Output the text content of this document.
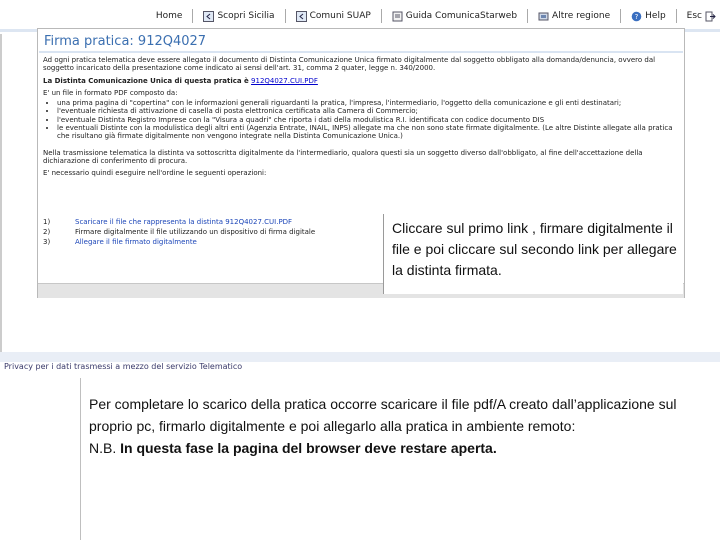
Home	Scopri Sicilia	Comuni SUAP	Guida ComunicaStarweb	Altre regione	? Help Esc
Firma pratica: 912Q4027

Ad ogni pratica telematica deve essere allegato il documento di Distinta Comunicazione Unica firmato digitalmente dal soggetto obbligato alla domanda/denuncia, ovvero dal soggetto incaricato della presentazione come indicato ai sensi dell'art. 31, comma 2 quater, legge n. 340/2000.

La Distinta Comunicazione Unica di questa pratica è 912Q4027.CUI.PDF

E' un file in formato PDF composto da:

• una prima pagina di "copertina" con le informazioni generali riguardanti la pratica, l'impresa, l'intermediario, l'oggetto della comunicazione e gli enti destinatari;
• l'eventuale richiesta di attivazione di casella di posta elettronica certificata alla Camera di Commercio;
• l'eventuale Distinta Registro Imprese con la "Visura a quadri" che riporta i dati della modulistica R.I. identificata con codice documento DIS
• le eventuali Distinte con la modulistica degli altri enti (Agenzia Entrate, INAIL, INPS) allegate ma che non sono state firmate digitalmente. (Le altre Distinte allegate alla pratica che risultano già firmate digitalmente non vengono integrate nella Distinta Comunicazione Unica.)

Nella trasmissione telematica la distinta va sottoscritta digitalmente da l'intermediario, qualora questi sia un soggetto diverso dall'obbligato, al fine dell'accettazione della dichiarazione di conferimento di procura.

E' necessario quindi eseguire nell'ordine le seguenti operazioni:

1)	Scaricare il file che rappresenta la distinta 912Q4027.CUI.PDF
2)	Firmare digitalmente il file utilizzando un dispositivo di firma digitale
3)	Allegare il file firmato digitalmente
Cliccare sul primo link , firmare digitalmente il file e poi cliccare sul secondo link per allegare la distinta firmata.
Privacy per i dati trasmessi a mezzo del servizio Telematico
Per completare lo scarico della pratica occorre scaricare il file pdf/A creato dall’applicazione sul proprio pc, firmarlo digitalmente e poi allegarlo alla pratica in ambiente remoto:
N.B. In questa fase la pagina del browser deve restare aperta.
